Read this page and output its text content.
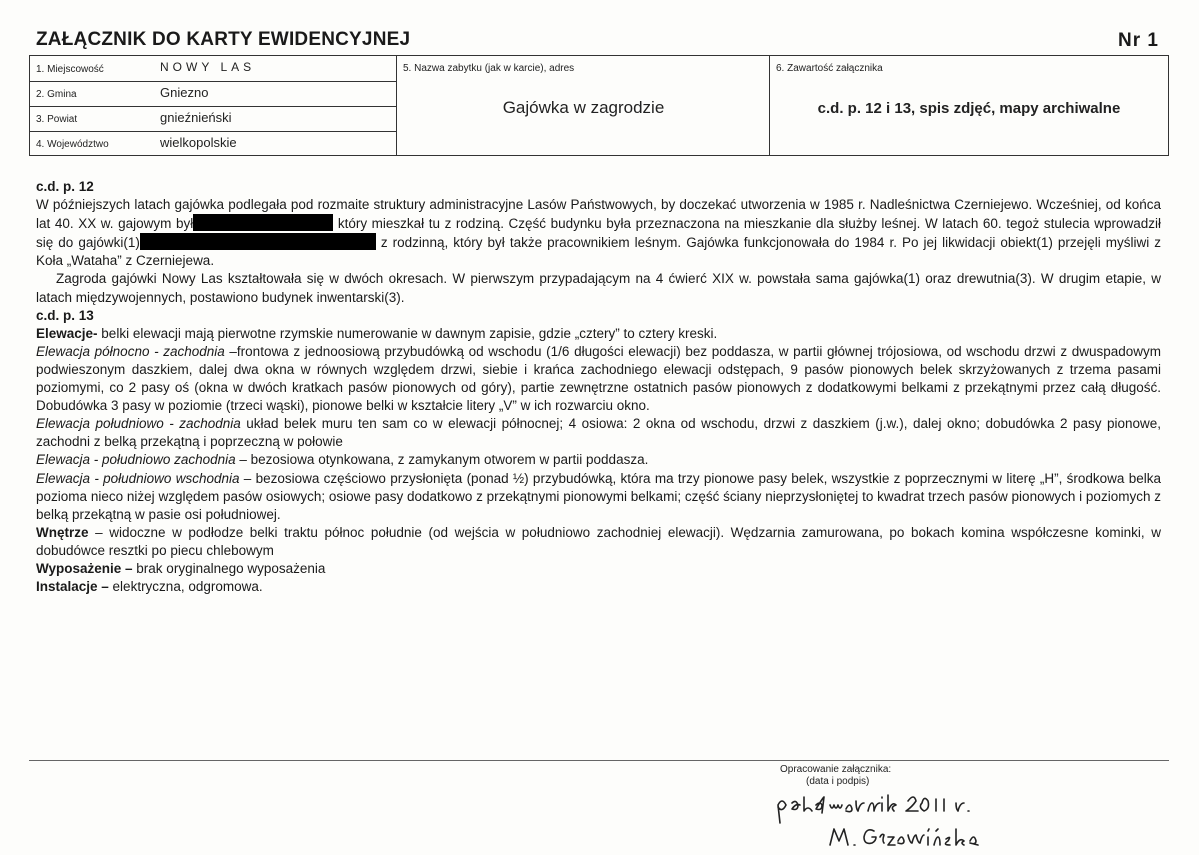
ZAŁĄCZNIK DO KARTY EWIDENCYJNEJ	Nr 1
1. Miejscowość	NOWY LAS
2. Gmina	Gniezno
3. Powiat	gnieźnieński
4. Województwo	wielkopolskie
5. Nazwa zabytku (jak w karcie), adres
Gajówka w zagrodzie
6. Zawartość załącznika
c.d. p. 12 i 13, spis zdjęć, mapy archiwalne

c.d. p. 12

W późniejszych latach gajówka podlegała pod rozmaite struktury administracyjne Lasów Państwowych, by doczekać utworzenia w 1985 r. Nadleśnictwa Czerniejewo. Wcześniej, od końca lat 40. XX w. gajowym był	który mieszkał tu z rodziną. Część budynku była przeznaczona na mieszkanie dla służby leśnej. W latach 60. tegoż stulecia wprowadził się do gajówki(1)	z rodzinną, który był także pracownikiem leśnym. Gajówka funkcjonowała do 1984 r. Po jej likwidacji obiekt(1) przejęli myśliwi z Koła „Wataha” z Czerniejewa.

Zagroda gajówki Nowy Las kształtowała się w dwóch okresach. W pierwszym przypadającym na 4 ćwierć XIX w. powstała sama gajówka(1) oraz drewutnia(3). W drugim etapie, w latach międzywojennych, postawiono budynek inwentarski(3).

c.d. p. 13

Elewacje- belki elewacji mają pierwotne rzymskie numerowanie w dawnym zapisie, gdzie „cztery” to cztery kreski.

Elewacja północno - zachodnia –frontowa z jednoosiową przybudówką od wschodu (1/6 długości elewacji) bez poddasza, w partii głównej trójosiowa, od wschodu drzwi z dwuspadowym podwieszonym daszkiem, dalej dwa okna w równych względem drzwi, siebie i krańca zachodniego elewacji odstępach, 9 pasów pionowych belek skrzyżowanych z trzema pasami poziomymi, co 2 pasy oś (okna w dwóch kratkach pasów pionowych od góry), partie zewnętrzne ostatnich pasów pionowych z dodatkowymi belkami z przekątnymi przez całą długość. Dobudówka 3 pasy w poziomie (trzeci wąski), pionowe belki w kształcie litery „V” w ich rozwarciu okno.

Elewacja południowo - zachodnia układ belek muru ten sam co w elewacji północnej; 4 osiowa: 2 okna od wschodu, drzwi z daszkiem (j.w.), dalej okno; dobudówka 2 pasy pionowe, zachodni z belką przekątną i poprzeczną w połowie

Elewacja - południowo zachodnia – bezosiowa otynkowana, z zamykanym otworem w partii poddasza.

Elewacja - południowo wschodnia – bezosiowa częściowo przysłonięta (ponad ½) przybudówką, która ma trzy pionowe pasy belek, wszystkie z poprzecznymi w literę „H”, środkowa belka pozioma nieco niżej względem pasów osiowych; osiowe pasy dodatkowo z przekątnymi pionowymi belkami; część ściany nieprzysłoniętej to kwadrat trzech pasów pionowych i poziomych z belką przekątną w pasie osi południowej.

Wnętrze – widoczne w podłodze belki traktu północ południe (od wejścia w południowo zachodniej elewacji). Wędzarnia zamurowana, po bokach komina współczesne kominki, w dobudówce resztki po piecu chlebowym

Wyposażenie – brak oryginalnego wyposażenia

Instalacje – elektryczna, odgromowa.

Opracowanie załącznika:
(data i podpis)
